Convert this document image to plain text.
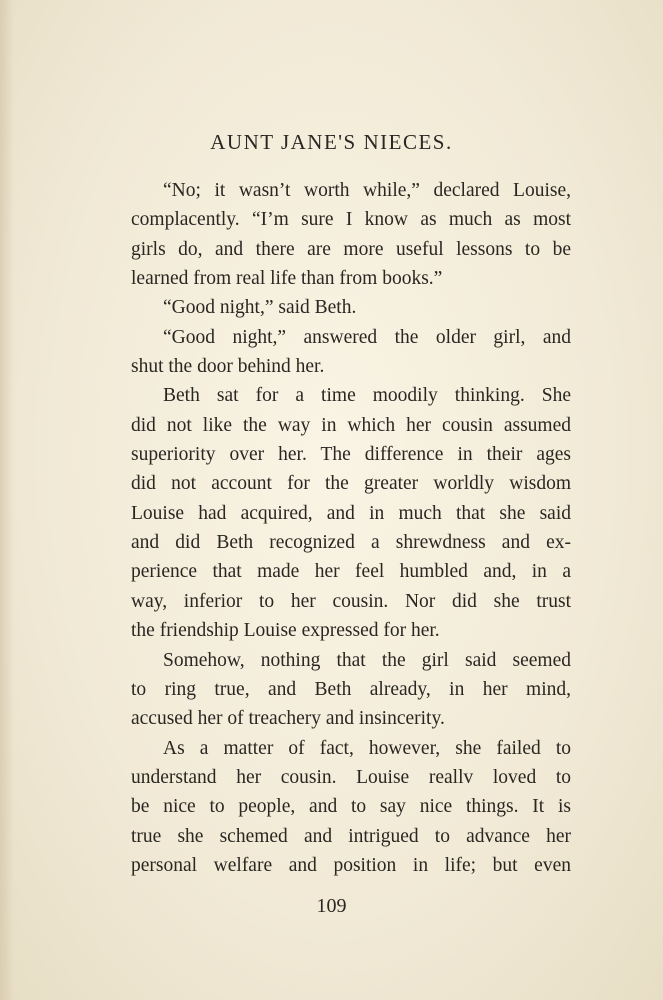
AUNT JANE'S NIECES.
“No; it wasn’t worth while,” declared Louise,
complacently. “I’m sure I know as much as most
girls do, and there are more useful lessons to be
learned from real life than from books.”
“Good night,” said Beth.
“Good night,” answered the older girl, and
shut the door behind her.
Beth sat for a time moodily thinking. She
did not like the way in which her cousin assumed
superiority over her. The difference in their ages
did not account for the greater worldly wisdom
Louise had acquired, and in much that she said
and did Beth recognized a shrewdness and ex-
perience that made her feel humbled and, in a
way, inferior to her cousin. Nor did she trust
the friendship Louise expressed for her.
Somehow, nothing that the girl said seemed
to ring true, and Beth already, in her mind,
accused her of treachery and insincerity.
As a matter of fact, however, she failed to
understand her cousin. Louise reallv loved to
be nice to people, and to say nice things. It is
true she schemed and intrigued to advance her
personal welfare and position in life; but even
109
